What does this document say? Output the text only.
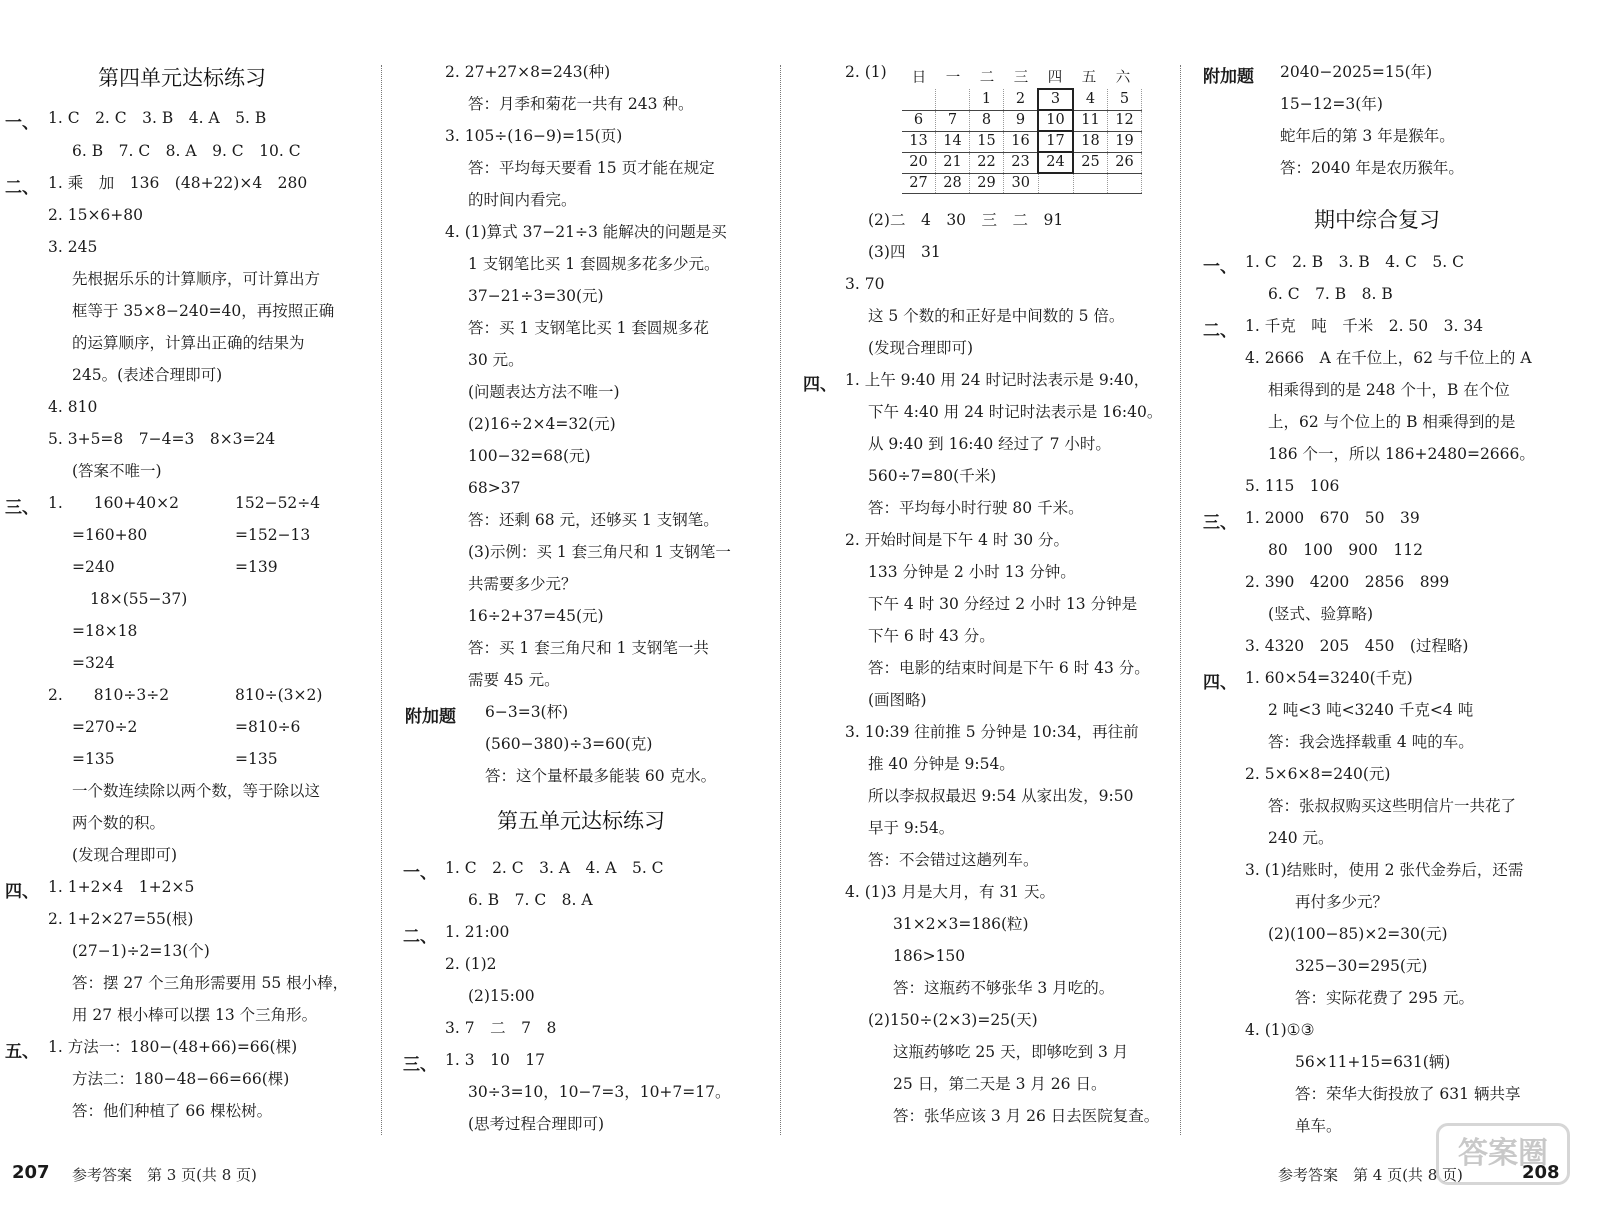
第四单元达标练习
一、 1. C　2. C　3. B　4. A　5. B
6. B　7. C　8. A　9. C　10. C
二、 1. 乘　加　136　(48+22)×4　280
2. 15×6+80
3. 245
先根据乐乐的计算顺序，可计算出方
框等于 35×8−240=40，再按照正确
的运算顺序，计算出正确的结果为
245。(表述合理即可)
4. 810
5. 3+5=8　7−4=3　8×3=24
(答案不唯一)
三、 1.　　160+40×2	152−52÷4
=160+80	=152−13
=240	=139
18×(55−37)
=18×18
=324
2.　　810÷3÷2	810÷(3×2)
=270÷2	=810÷6
=135	=135
一个数连续除以两个数，等于除以这
两个数的积。
(发现合理即可)
四、 1. 1+2×4　1+2×5
2. 1+2×27=55(根)
(27−1)÷2=13(个)
答：摆 27 个三角形需要用 55 根小棒，
用 27 根小棒可以摆 13 个三角形。
五、 1. 方法一：180−(48+66)=66(棵)
方法二：180−48−66=66(棵)
答：他们种植了 66 棵松树。
2. 27+27×8=243(种)
答：月季和菊花一共有 243 种。
3. 105÷(16−9)=15(页)
答：平均每天要看 15 页才能在规定
的时间内看完。
4. (1)算式 37−21÷3 能解决的问题是买
1 支钢笔比买 1 套圆规多花多少元。
37−21÷3=30(元)
答：买 1 支钢笔比买 1 套圆规多花
30 元。
(问题表达方法不唯一)
(2)16÷2×4=32(元)
100−32=68(元)
68>37
答：还剩 68 元，还够买 1 支钢笔。
(3)示例：买 1 套三角尺和 1 支钢笔一
共需要多少元？
16÷2+37=45(元)
答：买 1 套三角尺和 1 支钢笔一共
需要 45 元。
附加题 6−3=3(杯)
(560−380)÷3=60(克)
答：这个量杯最多能装 60 克水。
第五单元达标练习
一、 1. C　2. C　3. A　4. A　5. C
6. B　7. C　8. A
二、 1. 21:00
2. (1)2
(2)15:00
3. 7　二　7　8
三、 1. 3　10　17
30÷3=10，10−7=3，10+7=17。
(思考过程合理即可)
2. (1)	日 一 二 三 四 五 六
		1	2	3	4	5
6	7	8	9	10	11	12
13	14	15	16	17	18	19
20	21	22	23	24	25	26
27	28	29	30			
(2)二　4　30　三　二　91
(3)四　31
3. 70
这 5 个数的和正好是中间数的 5 倍。
(发现合理即可)
四、 1. 上午 9:40 用 24 时记时法表示是 9:40，
下午 4:40 用 24 时记时法表示是 16:40。
从 9:40 到 16:40 经过了 7 小时。
560÷7=80(千米)
答：平均每小时行驶 80 千米。
2. 开始时间是下午 4 时 30 分。
133 分钟是 2 小时 13 分钟。
下午 4 时 30 分经过 2 小时 13 分钟是
下午 6 时 43 分。
答：电影的结束时间是下午 6 时 43 分。
(画图略)
3. 10:39 往前推 5 分钟是 10:34，再往前
推 40 分钟是 9:54。
所以李叔叔最迟 9:54 从家出发，9:50
早于 9:54。
答：不会错过这趟列车。
4. (1)3 月是大月，有 31 天。
31×2×3=186(粒)
186>150
答：这瓶药不够张华 3 月吃的。
(2)150÷(2×3)=25(天)
这瓶药够吃 25 天，即够吃到 3 月
25 日，第二天是 3 月 26 日。
答：张华应该 3 月 26 日去医院复查。
附加题 2040−2025=15(年)
15−12=3(年)
蛇年后的第 3 年是猴年。
答：2040 年是农历猴年。
期中综合复习
一、 1. C　2. B　3. B　4. C　5. C
6. C　7. B　8. B
二、 1. 千克　吨　千米　2. 50　3. 34
4. 2666　A 在千位上，62 与千位上的 A
相乘得到的是 248 个十，B 在个位
上，62 与个位上的 B 相乘得到的是
186 个一，所以 186+2480=2666。
5. 115　106
三、 1. 2000　670　50　39
80　100　900　112
2. 390　4200　2856　899
(竖式、验算略)
3. 4320　205　450　(过程略)
四、 1. 60×54=3240(千克)
2 吨<3 吨<3240 千克<4 吨
答：我会选择载重 4 吨的车。
2. 5×6×8=240(元)
答：张叔叔购买这些明信片一共花了
240 元。
3. (1)结账时，使用 2 张代金券后，还需
再付多少元？
(2)(100−85)×2=30(元)
325−30=295(元)
答：实际花费了 295 元。
4. (1)①③
56×11+15=631(辆)
答：荣华大街投放了 631 辆共享
单车。
207 参考答案　第 3 页(共 8 页)	参考答案　第 4 页(共 8 页)	208
答案圈
